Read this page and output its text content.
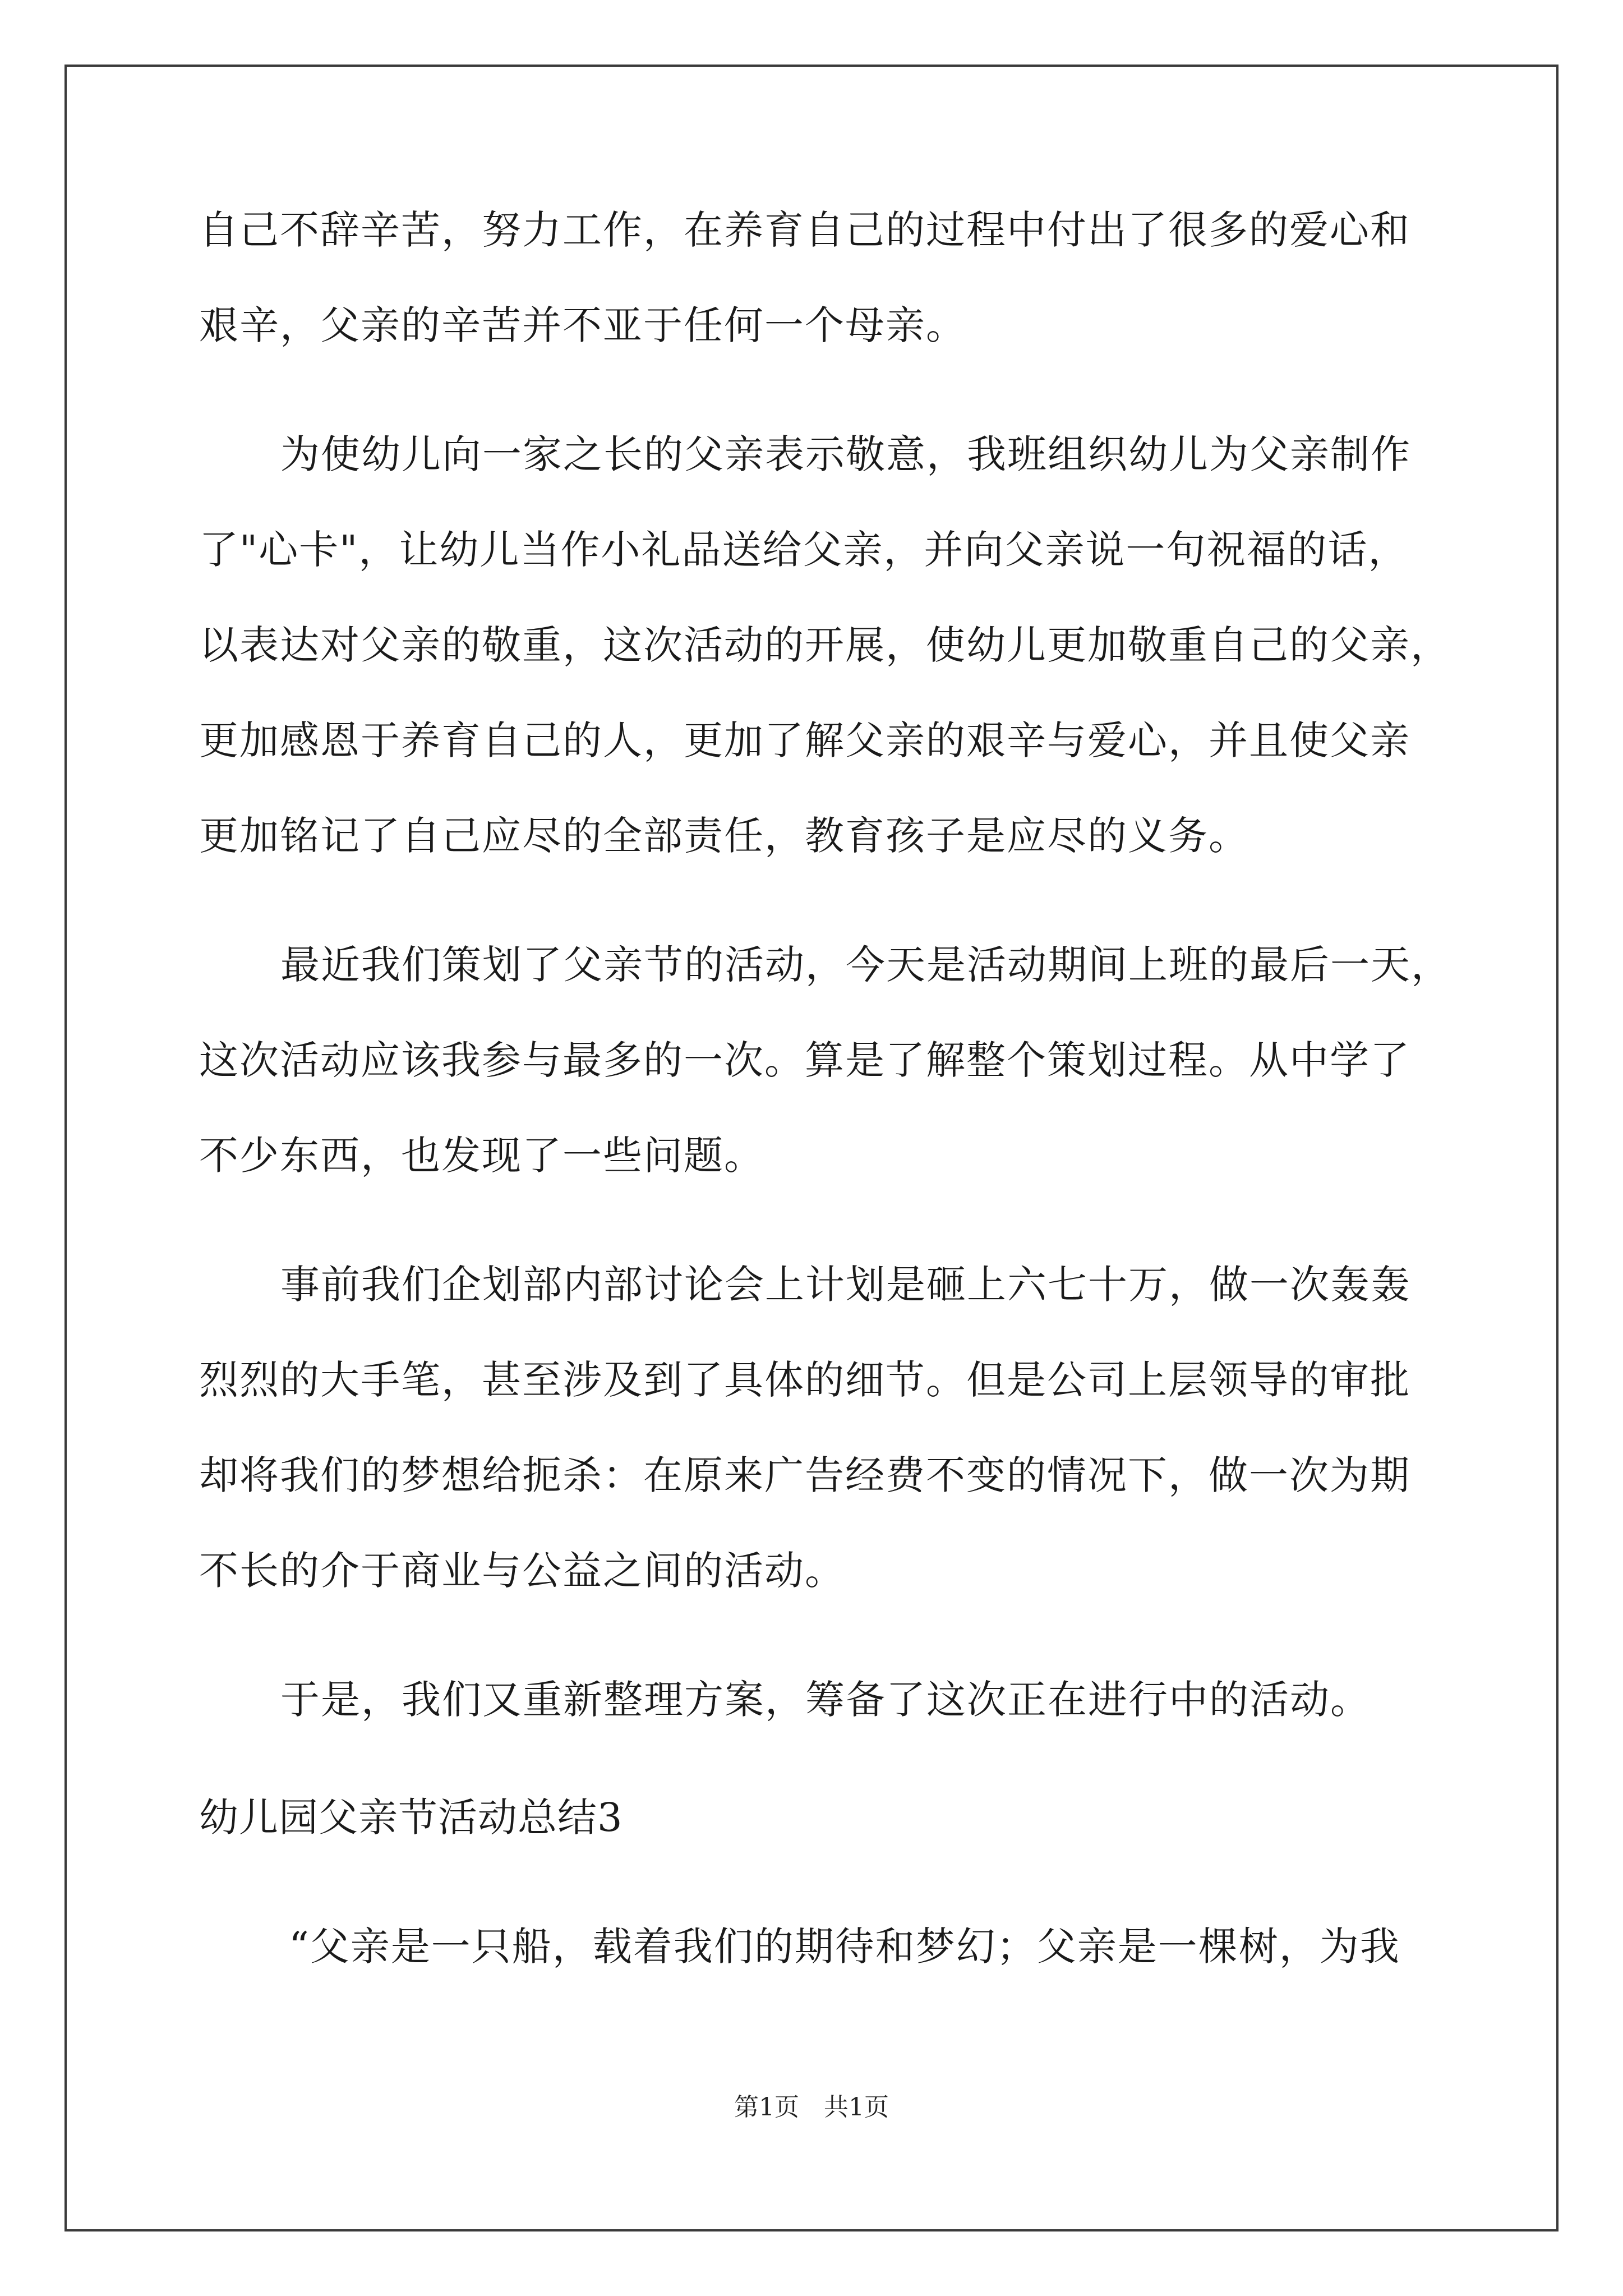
自己不辞辛苦，努力工作，在养育自己的过程中付出了很多的爱心和
艰辛，父亲的辛苦并不亚于任何一个母亲。
为使幼儿向一家之长的父亲表示敬意，我班组织幼儿为父亲制作
了"心卡"，让幼儿当作小礼品送给父亲，并向父亲说一句祝福的话，
以表达对父亲的敬重，这次活动的开展，使幼儿更加敬重自己的父亲，
更加感恩于养育自己的人，更加了解父亲的艰辛与爱心，并且使父亲
更加铭记了自己应尽的全部责任，教育孩子是应尽的义务。
最近我们策划了父亲节的活动，今天是活动期间上班的最后一天，
这次活动应该我参与最多的一次。算是了解整个策划过程。从中学了
不少东西，也发现了一些问题。
事前我们企划部内部讨论会上计划是砸上六七十万，做一次轰轰
烈烈的大手笔，甚至涉及到了具体的细节。但是公司上层领导的审批
却将我们的梦想给扼杀：在原来广告经费不变的情况下，做一次为期
不长的介于商业与公益之间的活动。
于是，我们又重新整理方案，筹备了这次正在进行中的活动。
幼儿园父亲节活动总结3
“父亲是一只船，载着我们的期待和梦幻；父亲是一棵树，为我
第1页　共1页
